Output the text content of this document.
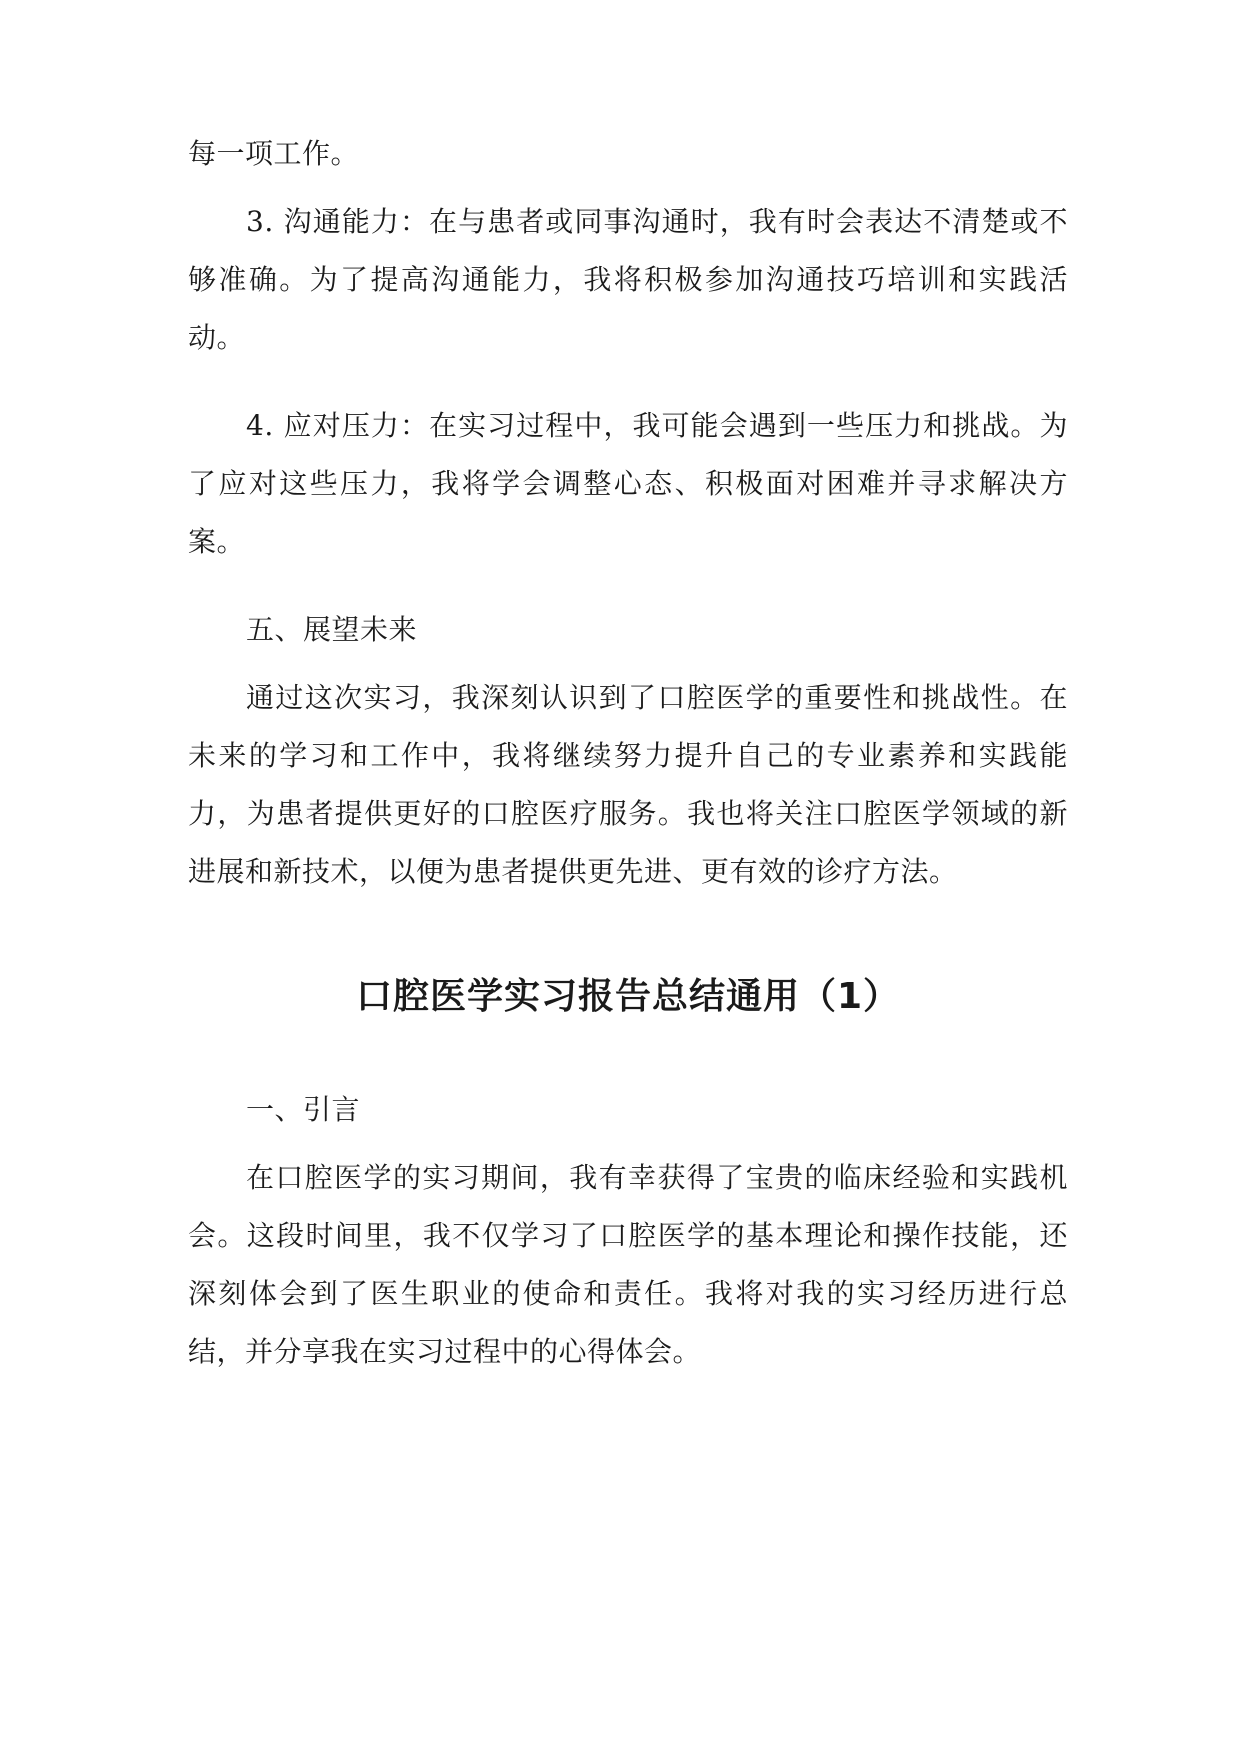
每一项工作。

3. 沟通能力：在与患者或同事沟通时，我有时会表达不清楚或不够准确。为了提高沟通能力，我将积极参加沟通技巧培训和实践活动。

4. 应对压力：在实习过程中，我可能会遇到一些压力和挑战。为了应对这些压力，我将学会调整心态、积极面对困难并寻求解决方案。

五、展望未来

通过这次实习，我深刻认识到了口腔医学的重要性和挑战性。在未来的学习和工作中，我将继续努力提升自己的专业素养和实践能力，为患者提供更好的口腔医疗服务。我也将关注口腔医学领域的新进展和新技术，以便为患者提供更先进、更有效的诊疗方法。

口腔医学实习报告总结通用（1）

一、引言

在口腔医学的实习期间，我有幸获得了宝贵的临床经验和实践机会。这段时间里，我不仅学习了口腔医学的基本理论和操作技能，还深刻体会到了医生职业的使命和责任。我将对我的实习经历进行总结，并分享我在实习过程中的心得体会。
